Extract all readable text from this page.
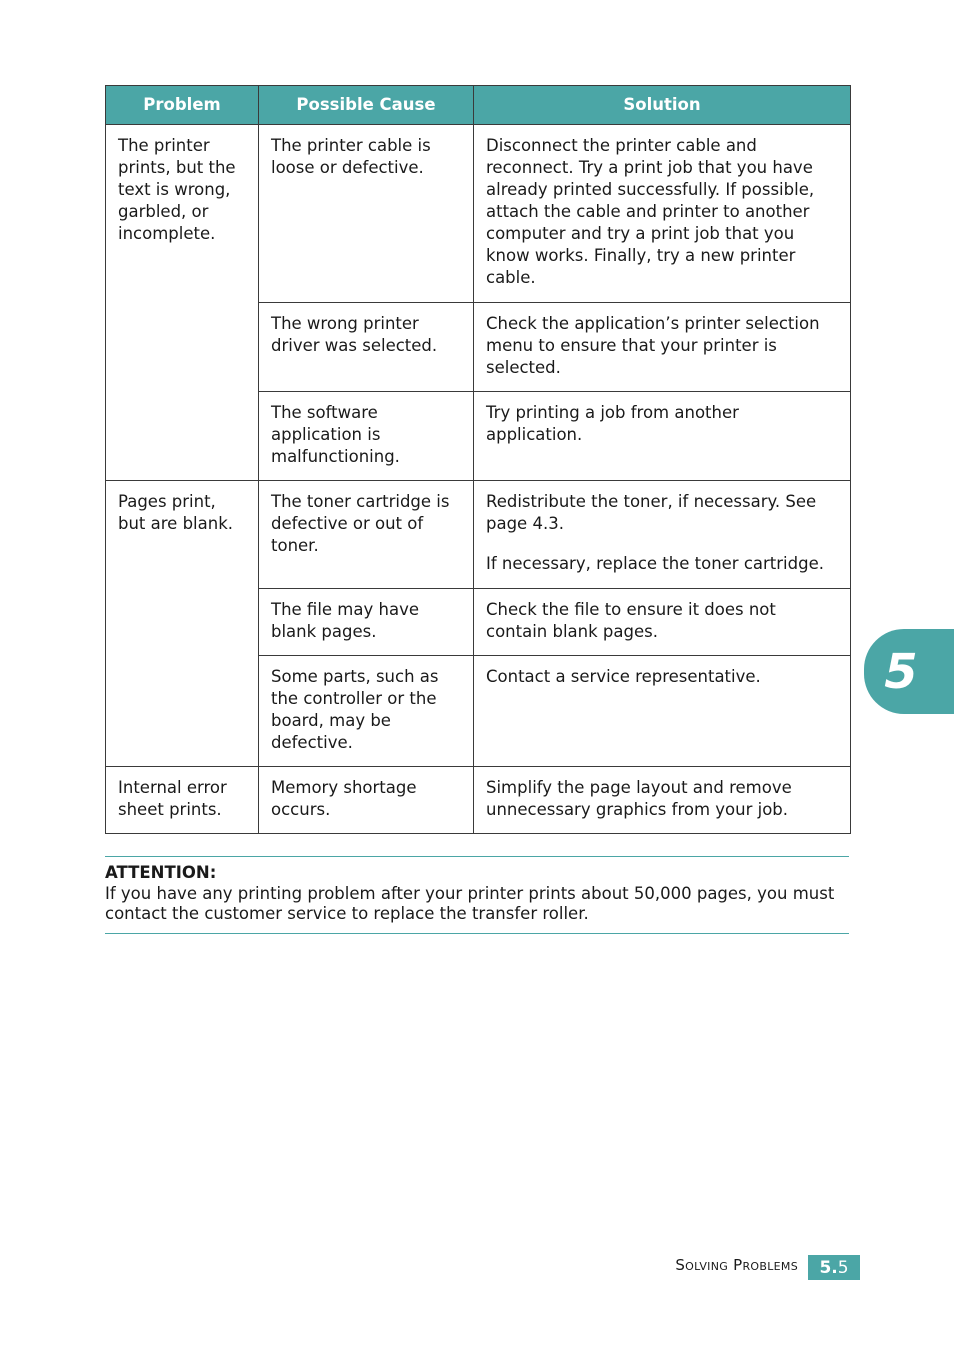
Problem	Possible Cause	Solution
The printer prints, but the text is wrong, garbled, or incomplete.	The printer cable is loose or defective.	Disconnect the printer cable and reconnect. Try a print job that you have already printed successfully. If possible, attach the cable and printer to another computer and try a print job that you know works. Finally, try a new printer cable.

	The wrong printer driver was selected.	Check the application’s printer selection menu to ensure that your printer is selected.

	The software application is malfunctioning.	Try printing a job from another application.

Pages print, but are blank.	The toner cartridge is defective or out of toner.	Redistribute the toner, if necessary. See page 4.3.

If necessary, replace the toner cartridge.

	The file may have blank pages.	Check the file to ensure it does not contain blank pages.

	Some parts, such as the controller or the board, may be defective.	Contact a service representative.

Internal error sheet prints.	Memory shortage occurs.	Simplify the page layout and remove unnecessary graphics from your job.

ATTENTION:
If you have any printing problem after your printer prints about 50,000 pages, you must contact the customer service to replace the transfer roller.
5
Solving Problems 5. 5
